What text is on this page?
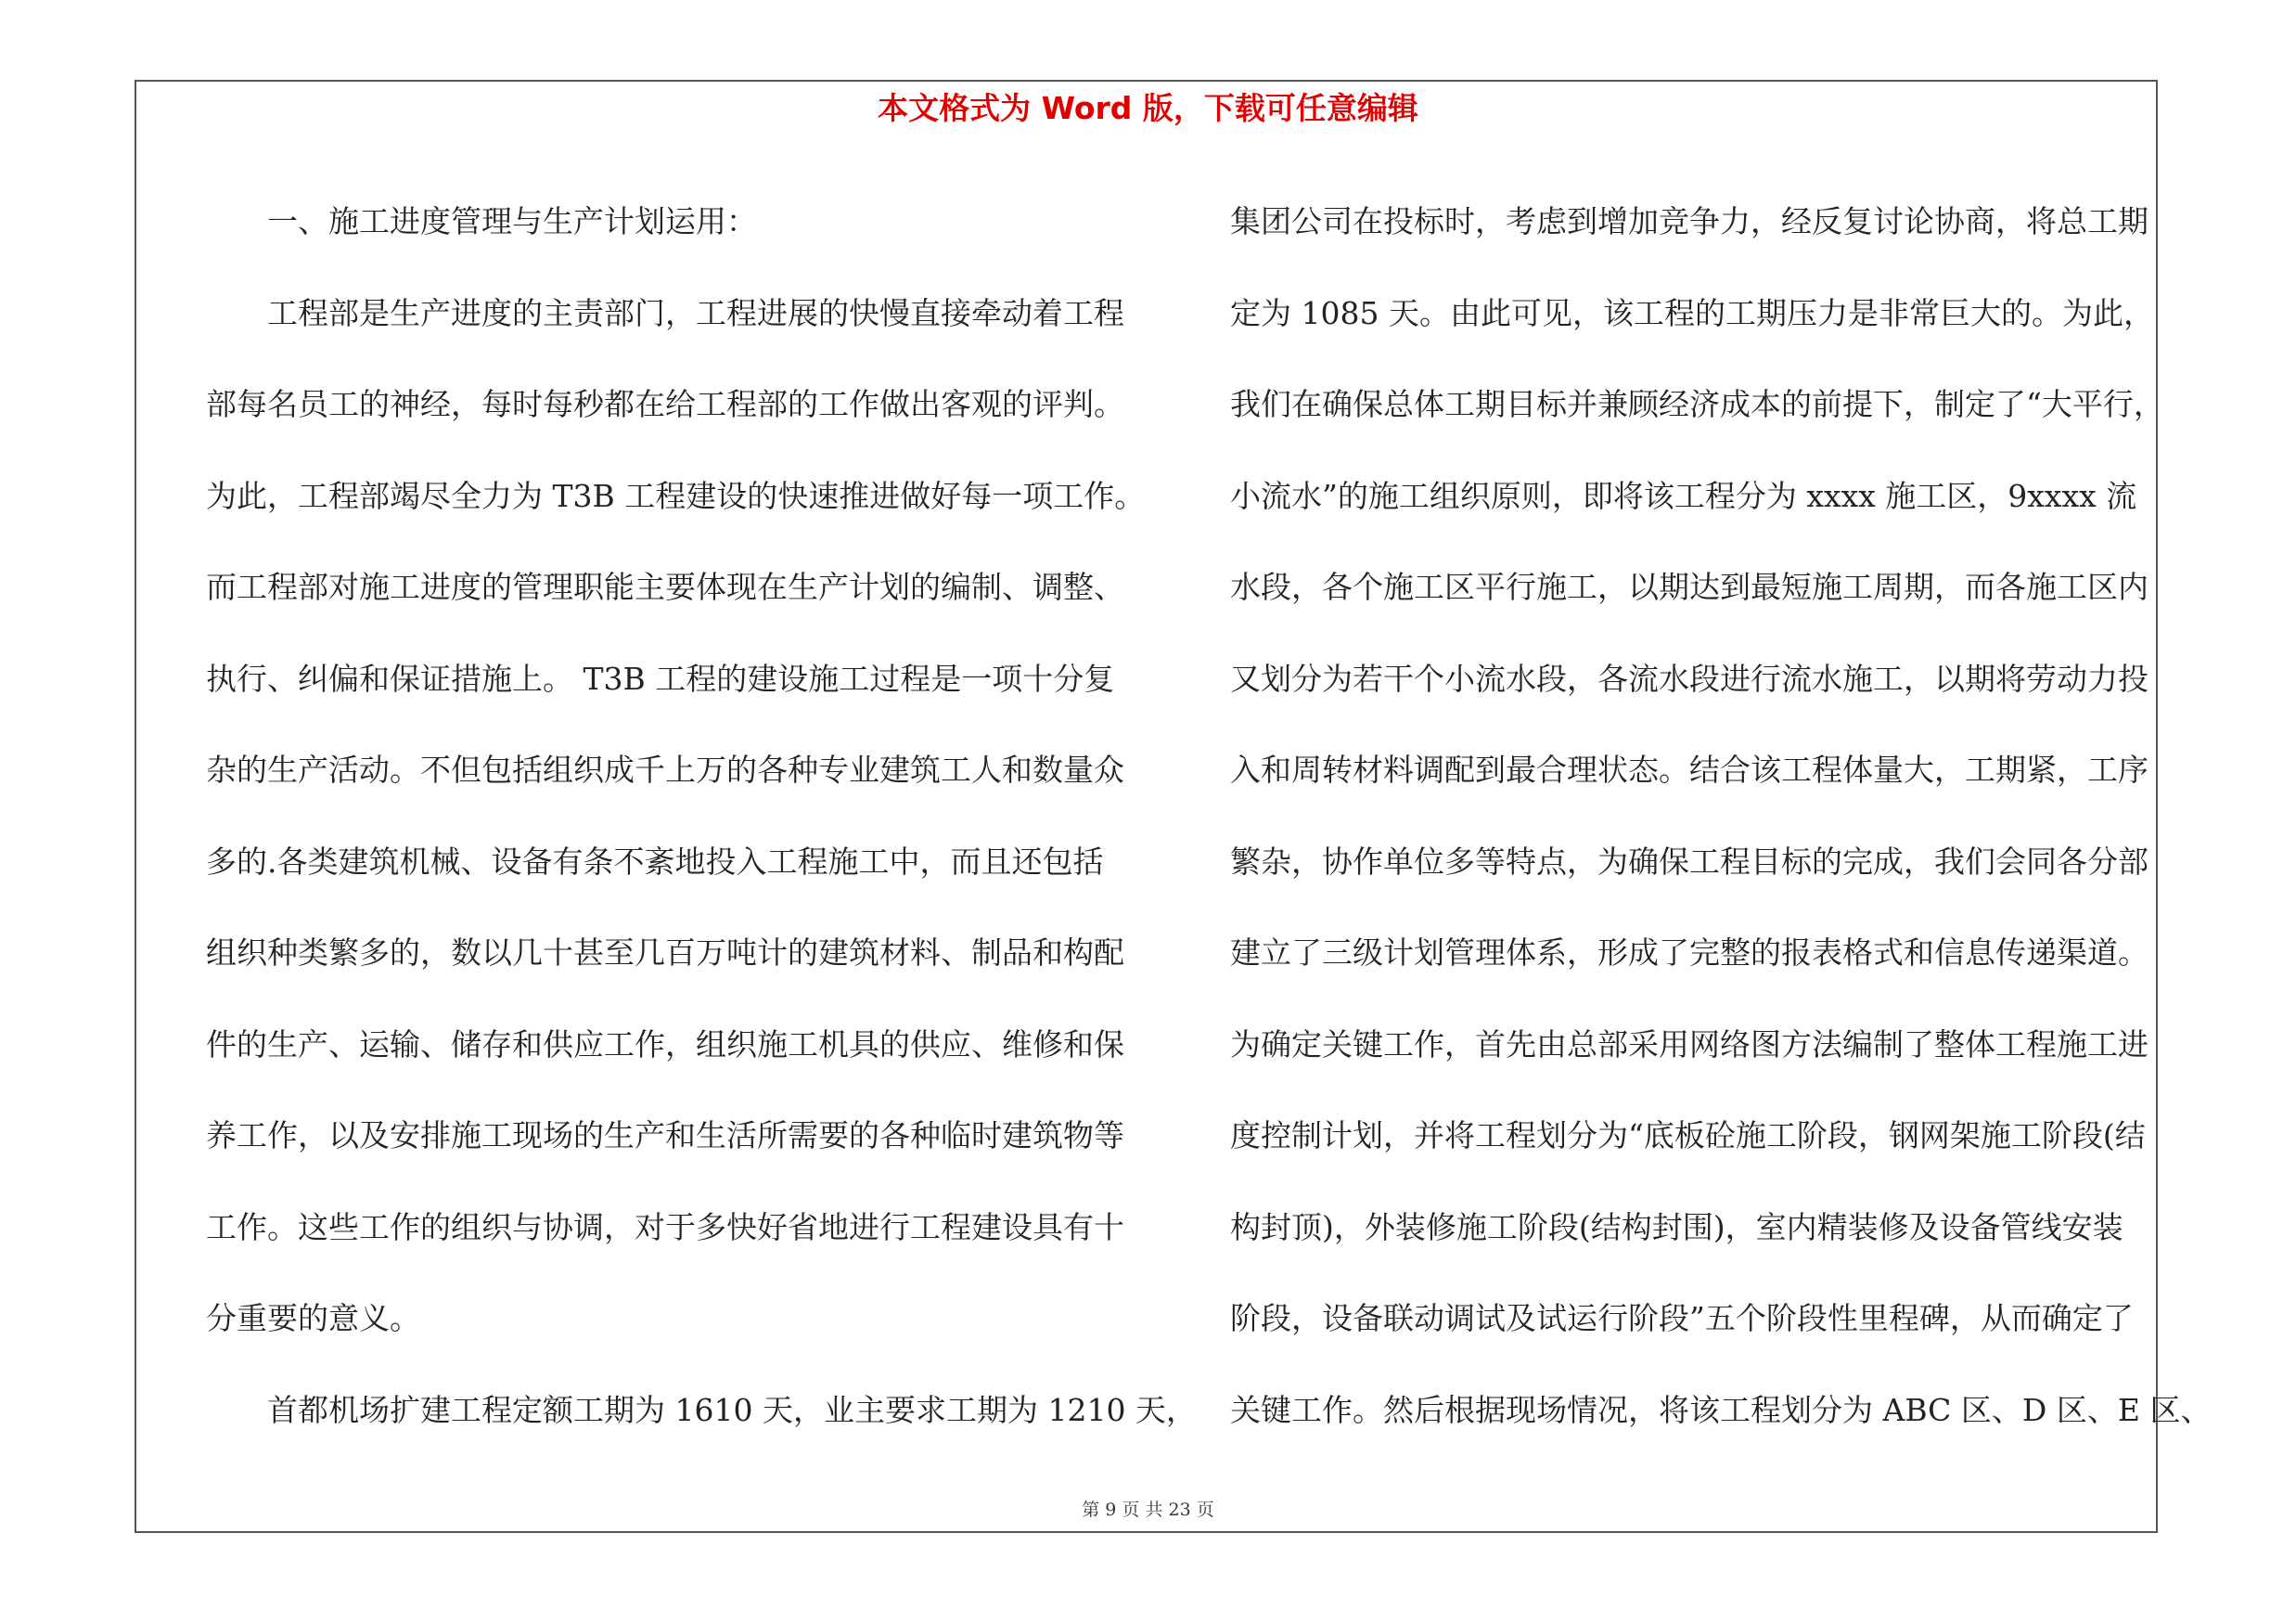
本文格式为 Word 版，下载可任意编辑
　　一、施工进度管理与生产计划运用：
　　工程部是生产进度的主责部门，工程进展的快慢直接牵动着工程
部每名员工的神经，每时每秒都在给工程部的工作做出客观的评判。
为此，工程部竭尽全力为 T3B 工程建设的快速推进做好每一项工作。
而工程部对施工进度的管理职能主要体现在生产计划的编制、调整、
执行、纠偏和保证措施上。 T3B 工程的建设施工过程是一项十分复
杂的生产活动。不但包括组织成千上万的各种专业建筑工人和数量众
多的.各类建筑机械、设备有条不紊地投入工程施工中，而且还包括
组织种类繁多的，数以几十甚至几百万吨计的建筑材料、制品和构配
件的生产、运输、储存和供应工作，组织施工机具的供应、维修和保
养工作，以及安排施工现场的生产和生活所需要的各种临时建筑物等
工作。这些工作的组织与协调，对于多快好省地进行工程建设具有十
分重要的意义。
　　首都机场扩建工程定额工期为 1610 天，业主要求工期为 1210 天，
集团公司在投标时，考虑到增加竞争力，经反复讨论协商，将总工期
定为 1085 天。由此可见，该工程的工期压力是非常巨大的。为此，
我们在确保总体工期目标并兼顾经济成本的前提下，制定了“大平行，
小流水”的施工组织原则，即将该工程分为 xxxx 施工区，9xxxx 流
水段，各个施工区平行施工，以期达到最短施工周期，而各施工区内
又划分为若干个小流水段，各流水段进行流水施工，以期将劳动力投
入和周转材料调配到最合理状态。结合该工程体量大，工期紧，工序
繁杂，协作单位多等特点，为确保工程目标的完成，我们会同各分部
建立了三级计划管理体系，形成了完整的报表格式和信息传递渠道。
为确定关键工作，首先由总部采用网络图方法编制了整体工程施工进
度控制计划，并将工程划分为“底板砼施工阶段，钢网架施工阶段(结
构封顶)，外装修施工阶段(结构封围)，室内精装修及设备管线安装
阶段，设备联动调试及试运行阶段”五个阶段性里程碑，从而确定了
关键工作。然后根据现场情况，将该工程划分为 ABC 区、D 区、E 区、
第 9 页 共 23 页
